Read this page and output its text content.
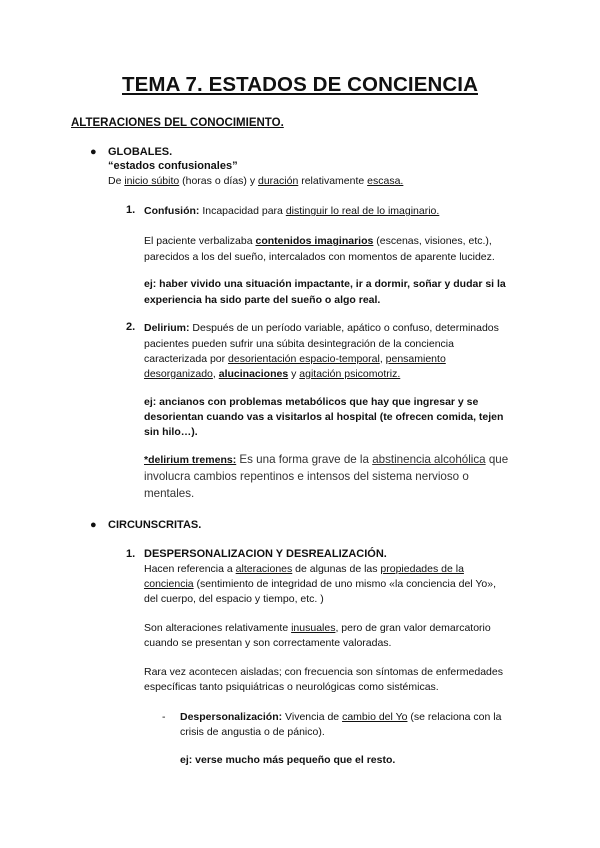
TEMA 7. ESTADOS DE CONCIENCIA
ALTERACIONES DEL CONOCIMIENTO.
● GLOBALES.
“estados confusionales”
De inicio súbito (horas o días) y duración relativamente escasa.
1. Confusión: Incapacidad para distinguir lo real de lo imaginario.
El paciente verbalizaba contenidos imaginarios (escenas, visiones, etc.),
parecidos a los del sueño, intercalados con momentos de aparente lucidez.
ej: haber vivido una situación impactante, ir a dormir, soñar y dudar si la
experiencia ha sido parte del sueño o algo real.
2. Delirium: Después de un período variable, apático o confuso, determinados
pacientes pueden sufrir una súbita desintegración de la conciencia
caracterizada por desorientación espacio-temporal, pensamiento
desorganizado, alucinaciones y agitación psicomotriz.
ej: ancianos con problemas metabólicos que hay que ingresar y se
desorientan cuando vas a visitarlos al hospital (te ofrecen comida, tejen
sin hilo…).
*delirium tremens: Es una forma grave de la abstinencia alcohólica que
involucra cambios repentinos e intensos del sistema nervioso o
mentales.
● CIRCUNSCRITAS.
1. DESPERSONALIZACION Y DESREALIZACIÓN.
Hacen referencia a alteraciones de algunas de las propiedades de la
conciencia (sentimiento de integridad de uno mismo «la conciencia del Yo»,
del cuerpo, del espacio y tiempo, etc. )
Son alteraciones relativamente inusuales, pero de gran valor demarcatorio
cuando se presentan y son correctamente valoradas.
Rara vez acontecen aisladas; con frecuencia son síntomas de enfermedades
específicas tanto psiquiátricas o neurológicas como sistémicas.
- Despersonalización: Vivencia de cambio del Yo (se relaciona con la
crisis de angustia o de pánico).
ej: verse mucho más pequeño que el resto.
